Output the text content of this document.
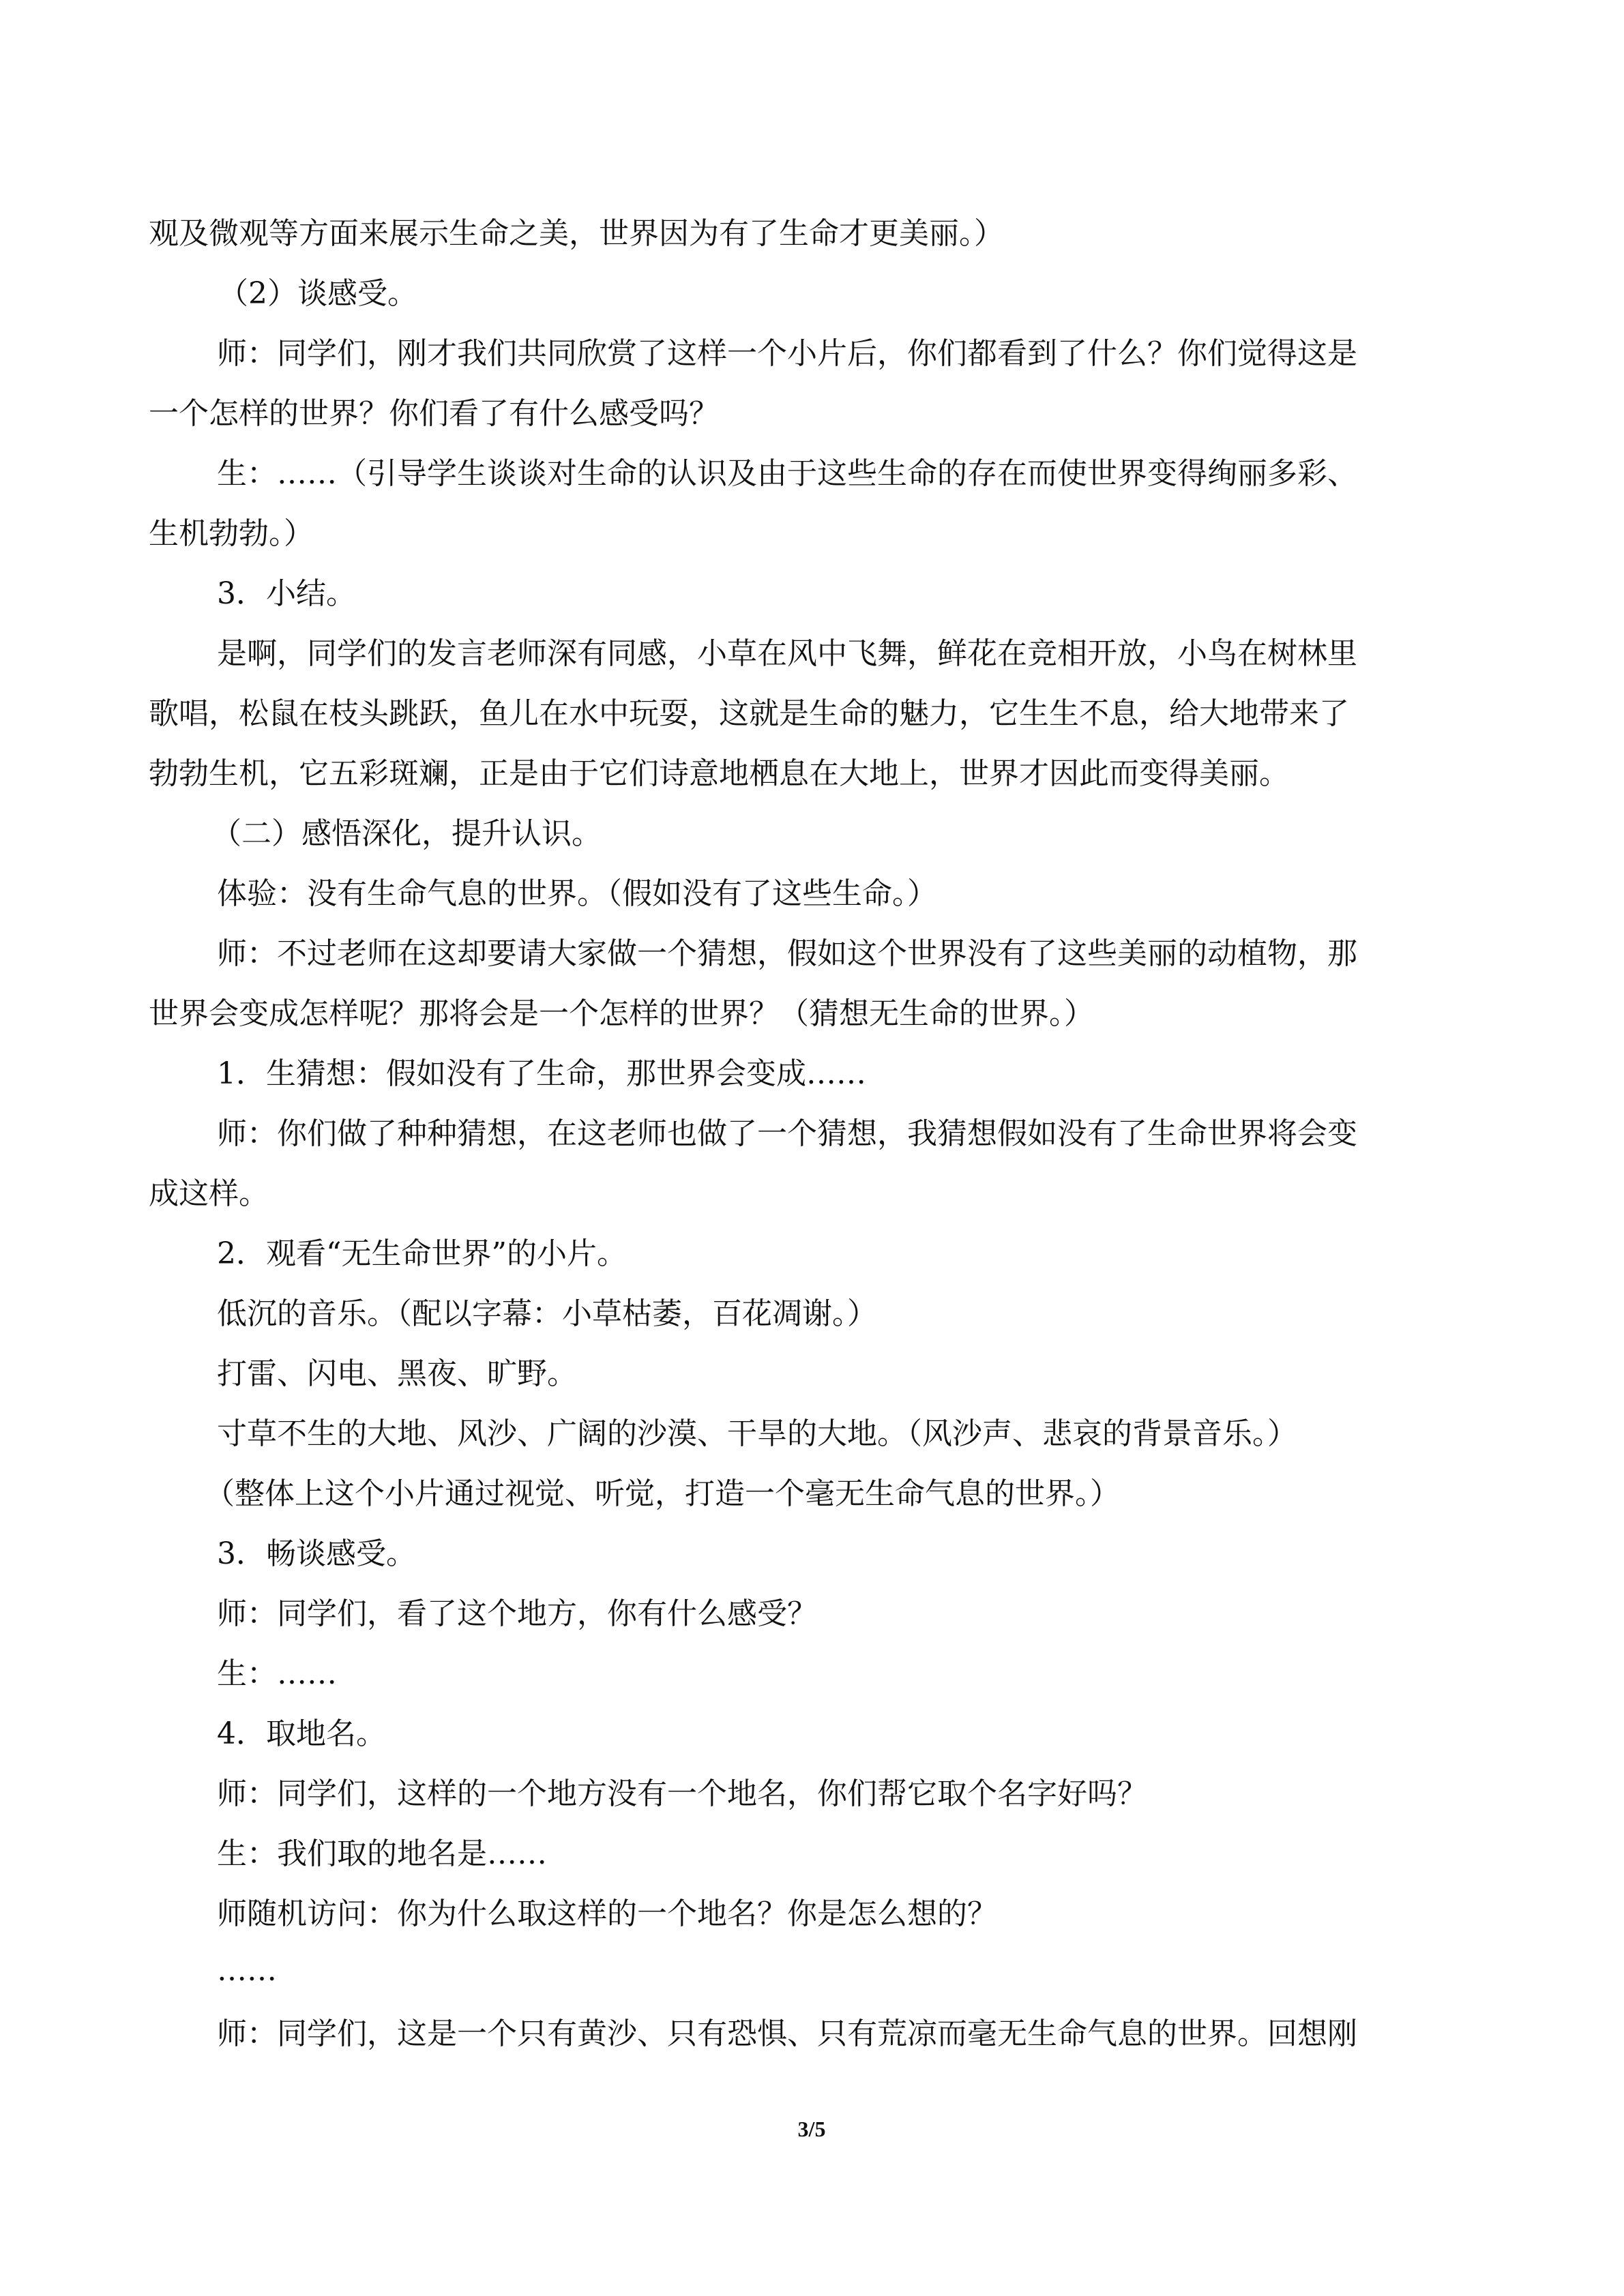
观及微观等方面来展示生命之美，世界因为有了生命才更美丽。）
（2）谈感受。
师：同学们，刚才我们共同欣赏了这样一个小片后，你们都看到了什么？你们觉得这是
一个怎样的世界？你们看了有什么感受吗？
生：……（引导学生谈谈对生命的认识及由于这些生命的存在而使世界变得绚丽多彩、
生机勃勃。）
3．小结。
是啊，同学们的发言老师深有同感，小草在风中飞舞，鲜花在竞相开放，小鸟在树林里
歌唱，松鼠在枝头跳跃，鱼儿在水中玩耍，这就是生命的魅力，它生生不息，给大地带来了
勃勃生机，它五彩斑斓，正是由于它们诗意地栖息在大地上，世界才因此而变得美丽。
（二）感悟深化，提升认识。
体验：没有生命气息的世界。（假如没有了这些生命。）
师：不过老师在这却要请大家做一个猜想，假如这个世界没有了这些美丽的动植物，那
世界会变成怎样呢？那将会是一个怎样的世界？（猜想无生命的世界。）
1．生猜想：假如没有了生命，那世界会变成……
师：你们做了种种猜想，在这老师也做了一个猜想，我猜想假如没有了生命世界将会变
成这样。
2．观看“无生命世界”的小片。
低沉的音乐。（配以字幕：小草枯萎，百花凋谢。）
打雷、闪电、黑夜、旷野。
寸草不生的大地、风沙、广阔的沙漠、干旱的大地。（风沙声、悲哀的背景音乐。）
（整体上这个小片通过视觉、听觉，打造一个毫无生命气息的世界。）
3．畅谈感受。
师：同学们，看了这个地方，你有什么感受？
生：……
4．取地名。
师：同学们，这样的一个地方没有一个地名，你们帮它取个名字好吗？
生：我们取的地名是……
师随机访问：你为什么取这样的一个地名？你是怎么想的？
……
师：同学们，这是一个只有黄沙、只有恐惧、只有荒凉而毫无生命气息的世界。回想刚
3/5
